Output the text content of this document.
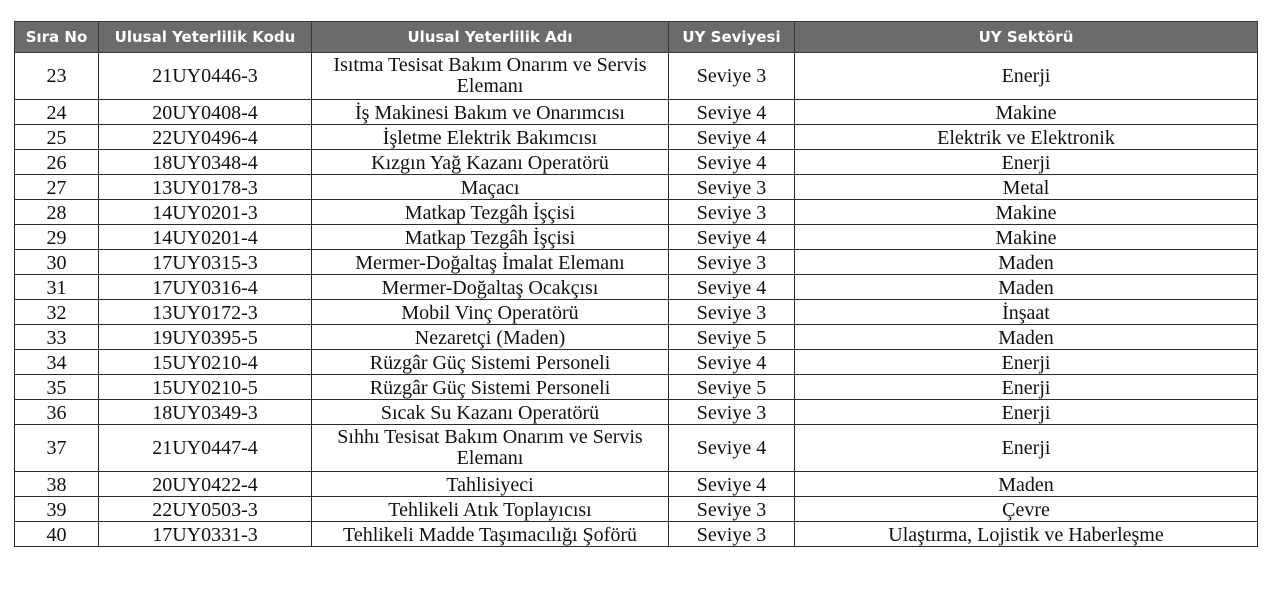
Sıra No	Ulusal Yeterlilik Kodu	Ulusal Yeterlilik Adı	UY Seviyesi	UY Sektörü
23	21UY0446-3	Isıtma Tesisat Bakım Onarım ve Servis Elemanı	Seviye 3	Enerji
24	20UY0408-4	İş Makinesi Bakım ve Onarımcısı	Seviye 4	Makine
25	22UY0496-4	İşletme Elektrik Bakımcısı	Seviye 4	Elektrik ve Elektronik
26	18UY0348-4	Kızgın Yağ Kazanı Operatörü	Seviye 4	Enerji
27	13UY0178-3	Maçacı	Seviye 3	Metal
28	14UY0201-3	Matkap Tezgâh İşçisi	Seviye 3	Makine
29	14UY0201-4	Matkap Tezgâh İşçisi	Seviye 4	Makine
30	17UY0315-3	Mermer-Doğaltaş İmalat Elemanı	Seviye 3	Maden
31	17UY0316-4	Mermer-Doğaltaş Ocakçısı	Seviye 4	Maden
32	13UY0172-3	Mobil Vinç Operatörü	Seviye 3	İnşaat
33	19UY0395-5	Nezaretçi (Maden)	Seviye 5	Maden
34	15UY0210-4	Rüzgâr Güç Sistemi Personeli	Seviye 4	Enerji
35	15UY0210-5	Rüzgâr Güç Sistemi Personeli	Seviye 5	Enerji
36	18UY0349-3	Sıcak Su Kazanı Operatörü	Seviye 3	Enerji
37	21UY0447-4	Sıhhı Tesisat Bakım Onarım ve Servis Elemanı	Seviye 4	Enerji
38	20UY0422-4	Tahlisiyeci	Seviye 4	Maden
39	22UY0503-3	Tehlikeli Atık Toplayıcısı	Seviye 3	Çevre
40	17UY0331-3	Tehlikeli Madde Taşımacılığı Şoförü	Seviye 3	Ulaştırma, Lojistik ve Haberleşme
